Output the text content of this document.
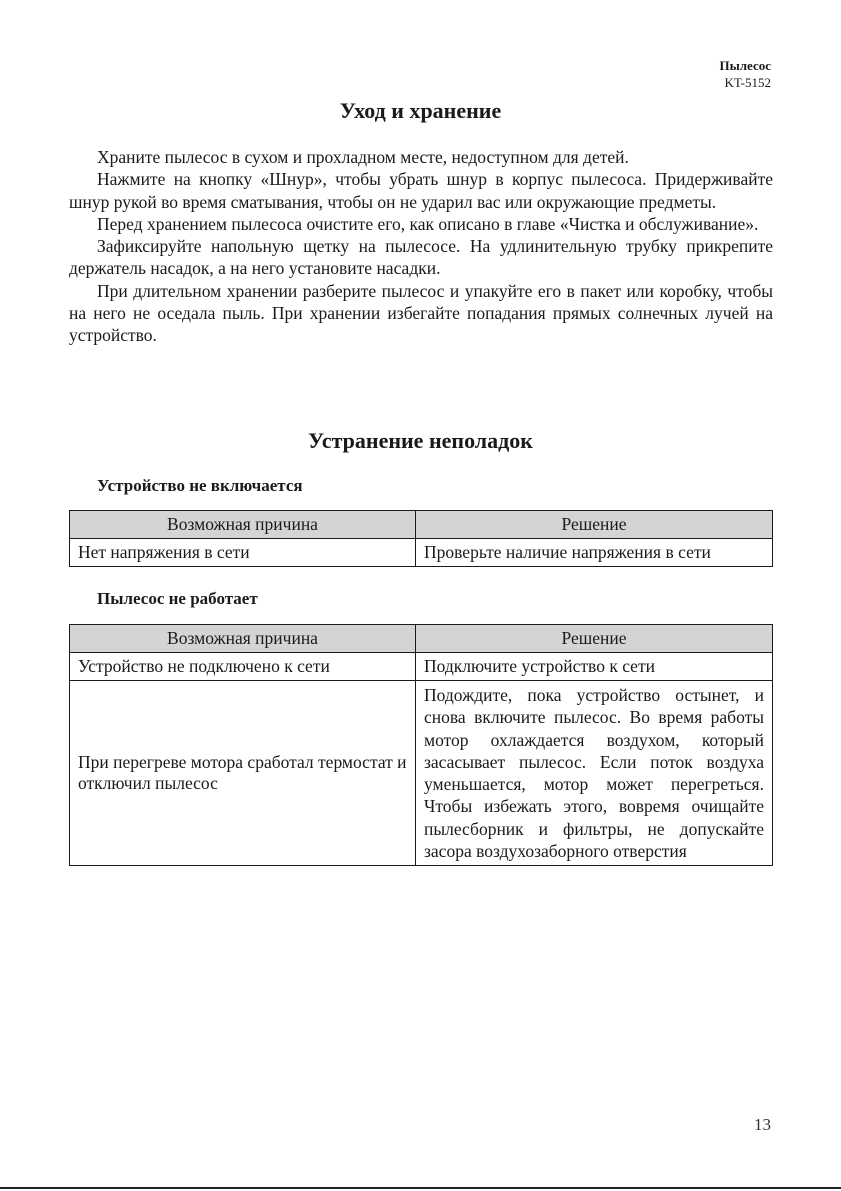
Пылесос
KT-5152
Уход и хранение

Храните пылесос в сухом и прохладном месте, недоступном для детей.

Нажмите на кнопку «Шнур», чтобы убрать шнур в корпус пылесоса. Придерживайте шнур рукой во время сматывания, чтобы он не ударил вас или окружающие предметы.

Перед хранением пылесоса очистите его, как описано в главе «Чистка и обслуживание».

Зафиксируйте напольную щетку на пылесосе. На удлинительную трубку прикрепите держатель насадок, а на него установите насадки.

При длительном хранении разберите пылесос и упакуйте его в пакет или коробку, чтобы на него не оседала пыль. При хранении избегайте попадания прямых солнечных лучей на устройство.

Устранение неполадок
Устройство не включается
Возможная причина	Решение
Нет напряжения в сети	Проверьте наличие напряжения в сети
Пылесос не работает
Возможная причина	Решение
Устройство не подключено к сети	Подключите устройство к сети
При перегреве мотора сработал термостат и отключил пылесос	Подождите, пока устройство остынет, и снова включите пылесос. Во время работы мотор охлаждается воздухом, который засасывает пылесос. Если поток воздуха уменьшается, мотор может перегреться. Чтобы избежать этого, вовремя очищайте пылесборник и фильтры, не допускайте засора воздухозаборного отверстия
13
